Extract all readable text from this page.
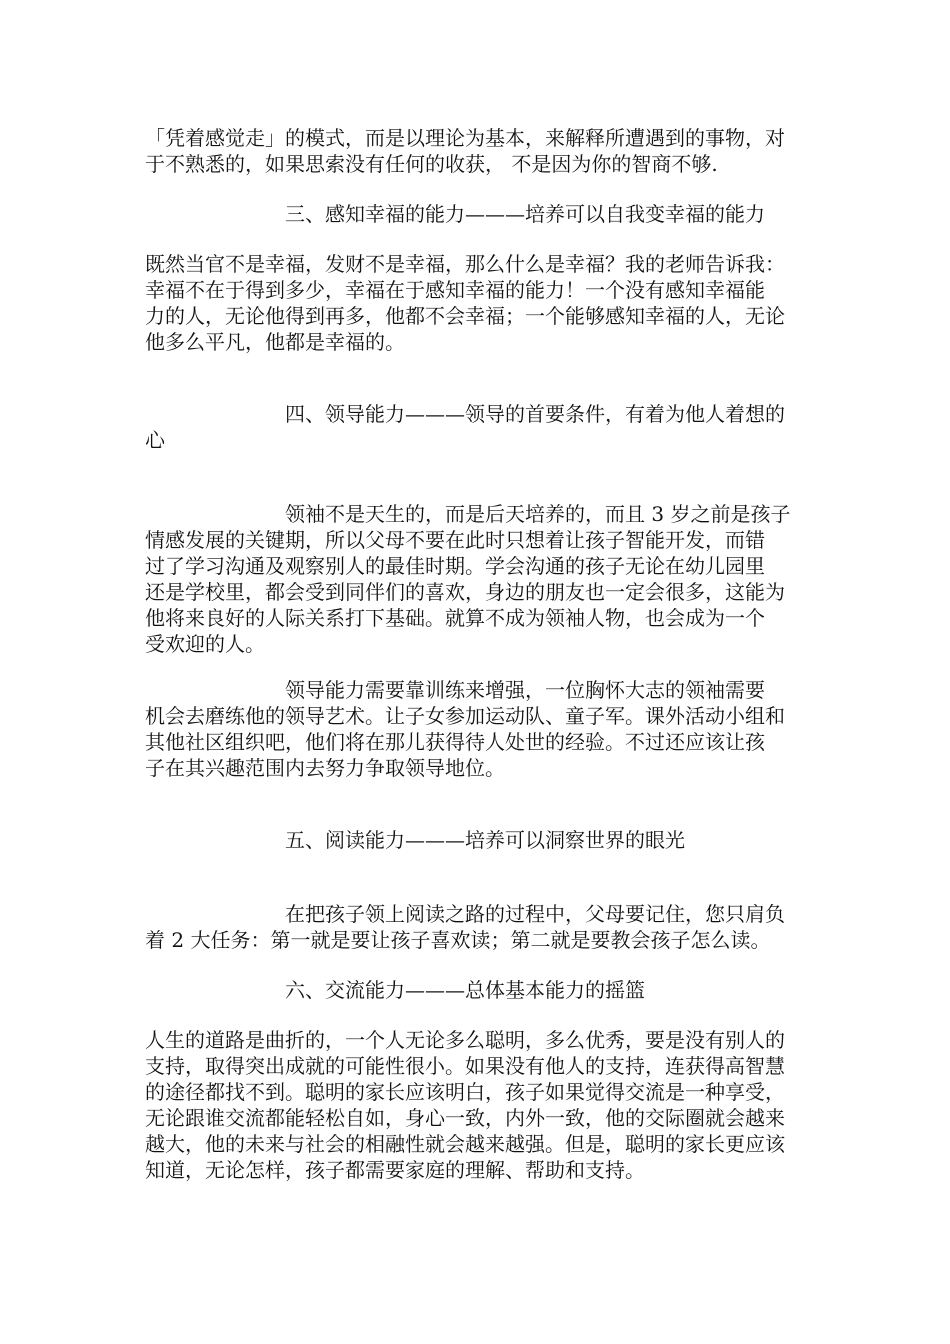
「凭着感觉走」的模式，而是以理论为基本，来解释所遭遇到的事物，对
于不熟悉的，如果思索没有任何的收获， 不是因为你的智商不够.
三、感知幸福的能力———培养可以自我变幸福的能力
既然当官不是幸福，发财不是幸福，那么什么是幸福？我的老师告诉我：
幸福不在于得到多少，幸福在于感知幸福的能力！一个没有感知幸福能
力的人，无论他得到再多，他都不会幸福；一个能够感知幸福的人，无论
他多么平凡，他都是幸福的。
四、领导能力———领导的首要条件，有着为他人着想的
心
领袖不是天生的，而是后天培养的，而且 3 岁之前是孩子
情感发展的关键期，所以父母不要在此时只想着让孩子智能开发，而错
过了学习沟通及观察别人的最佳时期。学会沟通的孩子无论在幼儿园里
还是学校里，都会受到同伴们的喜欢，身边的朋友也一定会很多，这能为
他将来良好的人际关系打下基础。就算不成为领袖人物，也会成为一个
受欢迎的人。
领导能力需要靠训练来增强，一位胸怀大志的领袖需要
机会去磨练他的领导艺术。让子女参加运动队、童子军。课外活动小组和
其他社区组织吧，他们将在那儿获得待人处世的经验。不过还应该让孩
子在其兴趣范围内去努力争取领导地位。
五、阅读能力———培养可以洞察世界的眼光
在把孩子领上阅读之路的过程中，父母要记住，您只肩负
着 2 大任务：第一就是要让孩子喜欢读；第二就是要教会孩子怎么读。
六、交流能力———总体基本能力的摇篮
人生的道路是曲折的，一个人无论多么聪明，多么优秀，要是没有别人的
支持，取得突出成就的可能性很小。如果没有他人的支持，连获得高智慧
的途径都找不到。聪明的家长应该明白，孩子如果觉得交流是一种享受，
无论跟谁交流都能轻松自如，身心一致，内外一致，他的交际圈就会越来
越大，他的未来与社会的相融性就会越来越强。但是，聪明的家长更应该
知道，无论怎样，孩子都需要家庭的理解、帮助和支持。
